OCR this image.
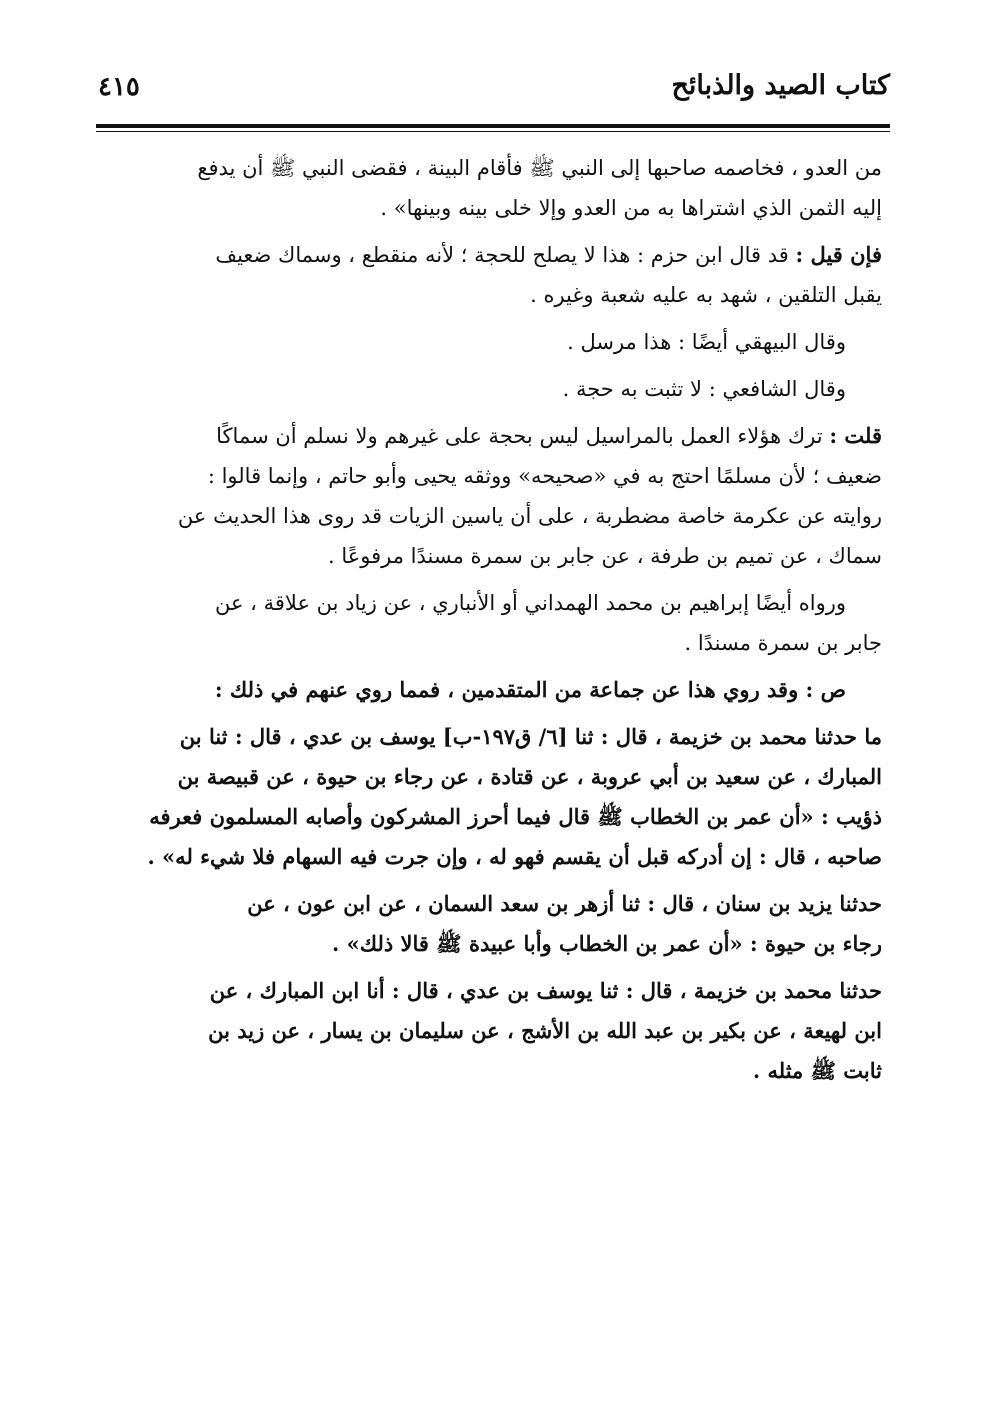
كتاب الصيد والذبائح
٤١٥

من العدو ، فخاصمه صاحبها إلى النبي ﷺ فأقام البينة ، فقضى النبي ﷺ أن يدفع
إليه الثمن الذي اشتراها به من العدو وإلا خلى بينه وبينها» .

فإن قيل : قد قال ابن حزم : هذا لا يصلح للحجة ؛ لأنه منقطع ، وسماك ضعيف
يقبل التلقين ، شهد به عليه شعبة وغيره .

وقال البيهقي أيضًا : هذا مرسل .

وقال الشافعي : لا تثبت به حجة .

قلت : ترك هؤلاء العمل بالمراسيل ليس بحجة على غيرهم ولا نسلم أن سماكًا
ضعيف ؛ لأن مسلمًا احتج به في «صحيحه» ووثقه يحيى وأبو حاتم ، وإنما قالوا :
روايته عن عكرمة خاصة مضطربة ، على أن ياسين الزيات قد روى هذا الحديث عن
سماك ، عن تميم بن طرفة ، عن جابر بن سمرة مسندًا مرفوعًا .

ورواه أيضًا إبراهيم بن محمد الهمداني أو الأنباري ، عن زياد بن علاقة ، عن
جابر بن سمرة مسندًا .

ص : وقد روي هذا عن جماعة من المتقدمين ، فمما روي عنهم في ذلك :

ما حدثنا محمد بن خزيمة ، قال : ثنا [٦/ ق١٩٧-ب] يوسف بن عدي ، قال : ثنا بن
المبارك ، عن سعيد بن أبي عروبة ، عن قتادة ، عن رجاء بن حيوة ، عن قبيصة بن
ذؤيب : «أن عمر بن الخطاب ﷺ قال فيما أحرز المشركون وأصابه المسلمون فعرفه
صاحبه ، قال : إن أدركه قبل أن يقسم فهو له ، وإن جرت فيه السهام فلا شيء له» .

حدثنا يزيد بن سنان ، قال : ثنا أزهر بن سعد السمان ، عن ابن عون ، عن
رجاء بن حيوة : «أن عمر بن الخطاب وأبا عبيدة ﷺ قالا ذلك» .

حدثنا محمد بن خزيمة ، قال : ثنا يوسف بن عدي ، قال : أنا ابن المبارك ، عن
ابن لهيعة ، عن بكير بن عبد الله بن الأشج ، عن سليمان بن يسار ، عن زيد بن
ثابت ﷺ مثله .
